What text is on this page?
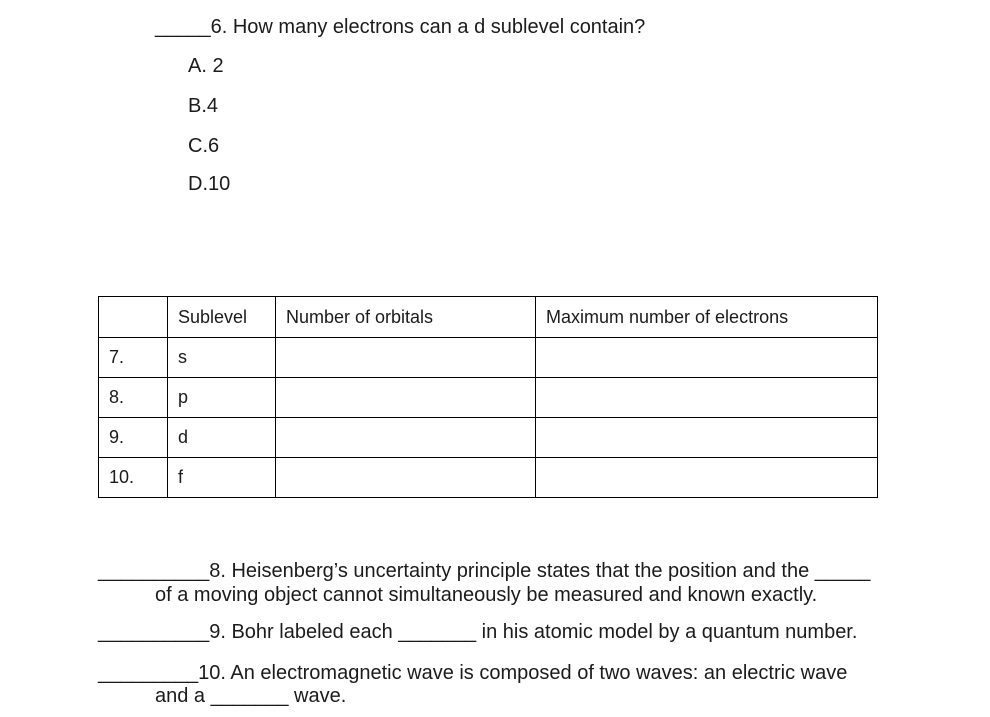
_____6. How many electrons can a d sublevel contain?
A. 2
B.4
C.6
D.10
	Sublevel	Number of orbitals	Maximum number of electrons
7.	s		
8.	p		
9.	d		
10.	f		
__________8. Heisenberg’s uncertainty principle states that the position and the _____
of a moving object cannot simultaneously be measured and known exactly.
__________9. Bohr labeled each _______ in his atomic model by a quantum number.
_________10. An electromagnetic wave is composed of two waves: an electric wave
and a _______ wave.
